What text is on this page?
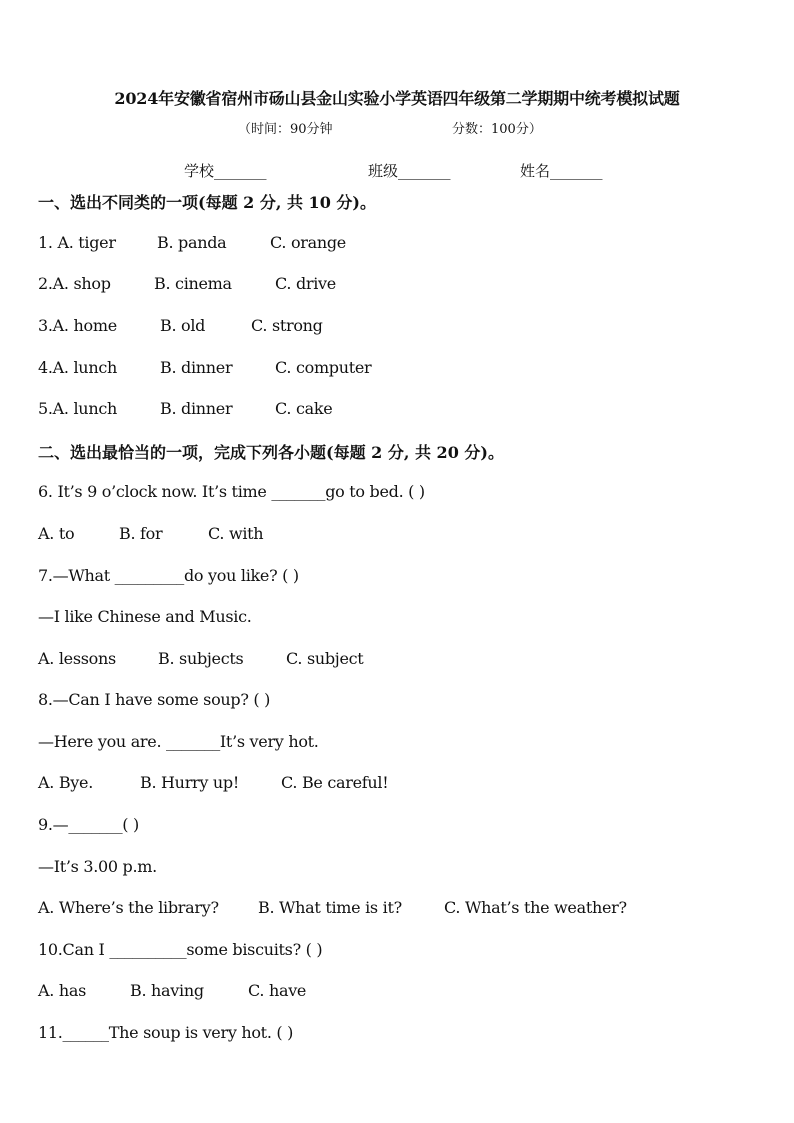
2024年安徽省宿州市砀山县金山实验小学英语四年级第二学期期中统考模拟试题
（时间：90分钟	分数：100分）
学校_______	班级_______	姓名_______
一、选出不同类的一项(每题 2 分, 共 10 分)。
1. A. tiger	B. panda	C. orange
2.A. shop	B. cinema	C. drive
3.A. home	B. old	C. strong
4.A. lunch	B. dinner	C. computer
5.A. lunch	B. dinner	C. cake
二、选出最恰当的一项，完成下列各小题(每题 2 分, 共 20 分)。
6. It’s 9 o’clock now. It’s time _______go to bed. ( )
A. to	B. for	C. with
7.—What _________do you like? ( )
—I like Chinese and Music.
A. lessons	B. subjects	C. subject
8.—Can I have some soup? ( )
—Here you are. _______It’s very hot.
A. Bye.	B. Hurry up!	C. Be careful!
9.—_______( )
—It’s 3.00 p.m.
A. Where’s the library? B. What time is it?	C. What’s the weather?
10.Can I __________some biscuits? ( )
A. has	B. having	C. have
11.______The soup is very hot. ( )
